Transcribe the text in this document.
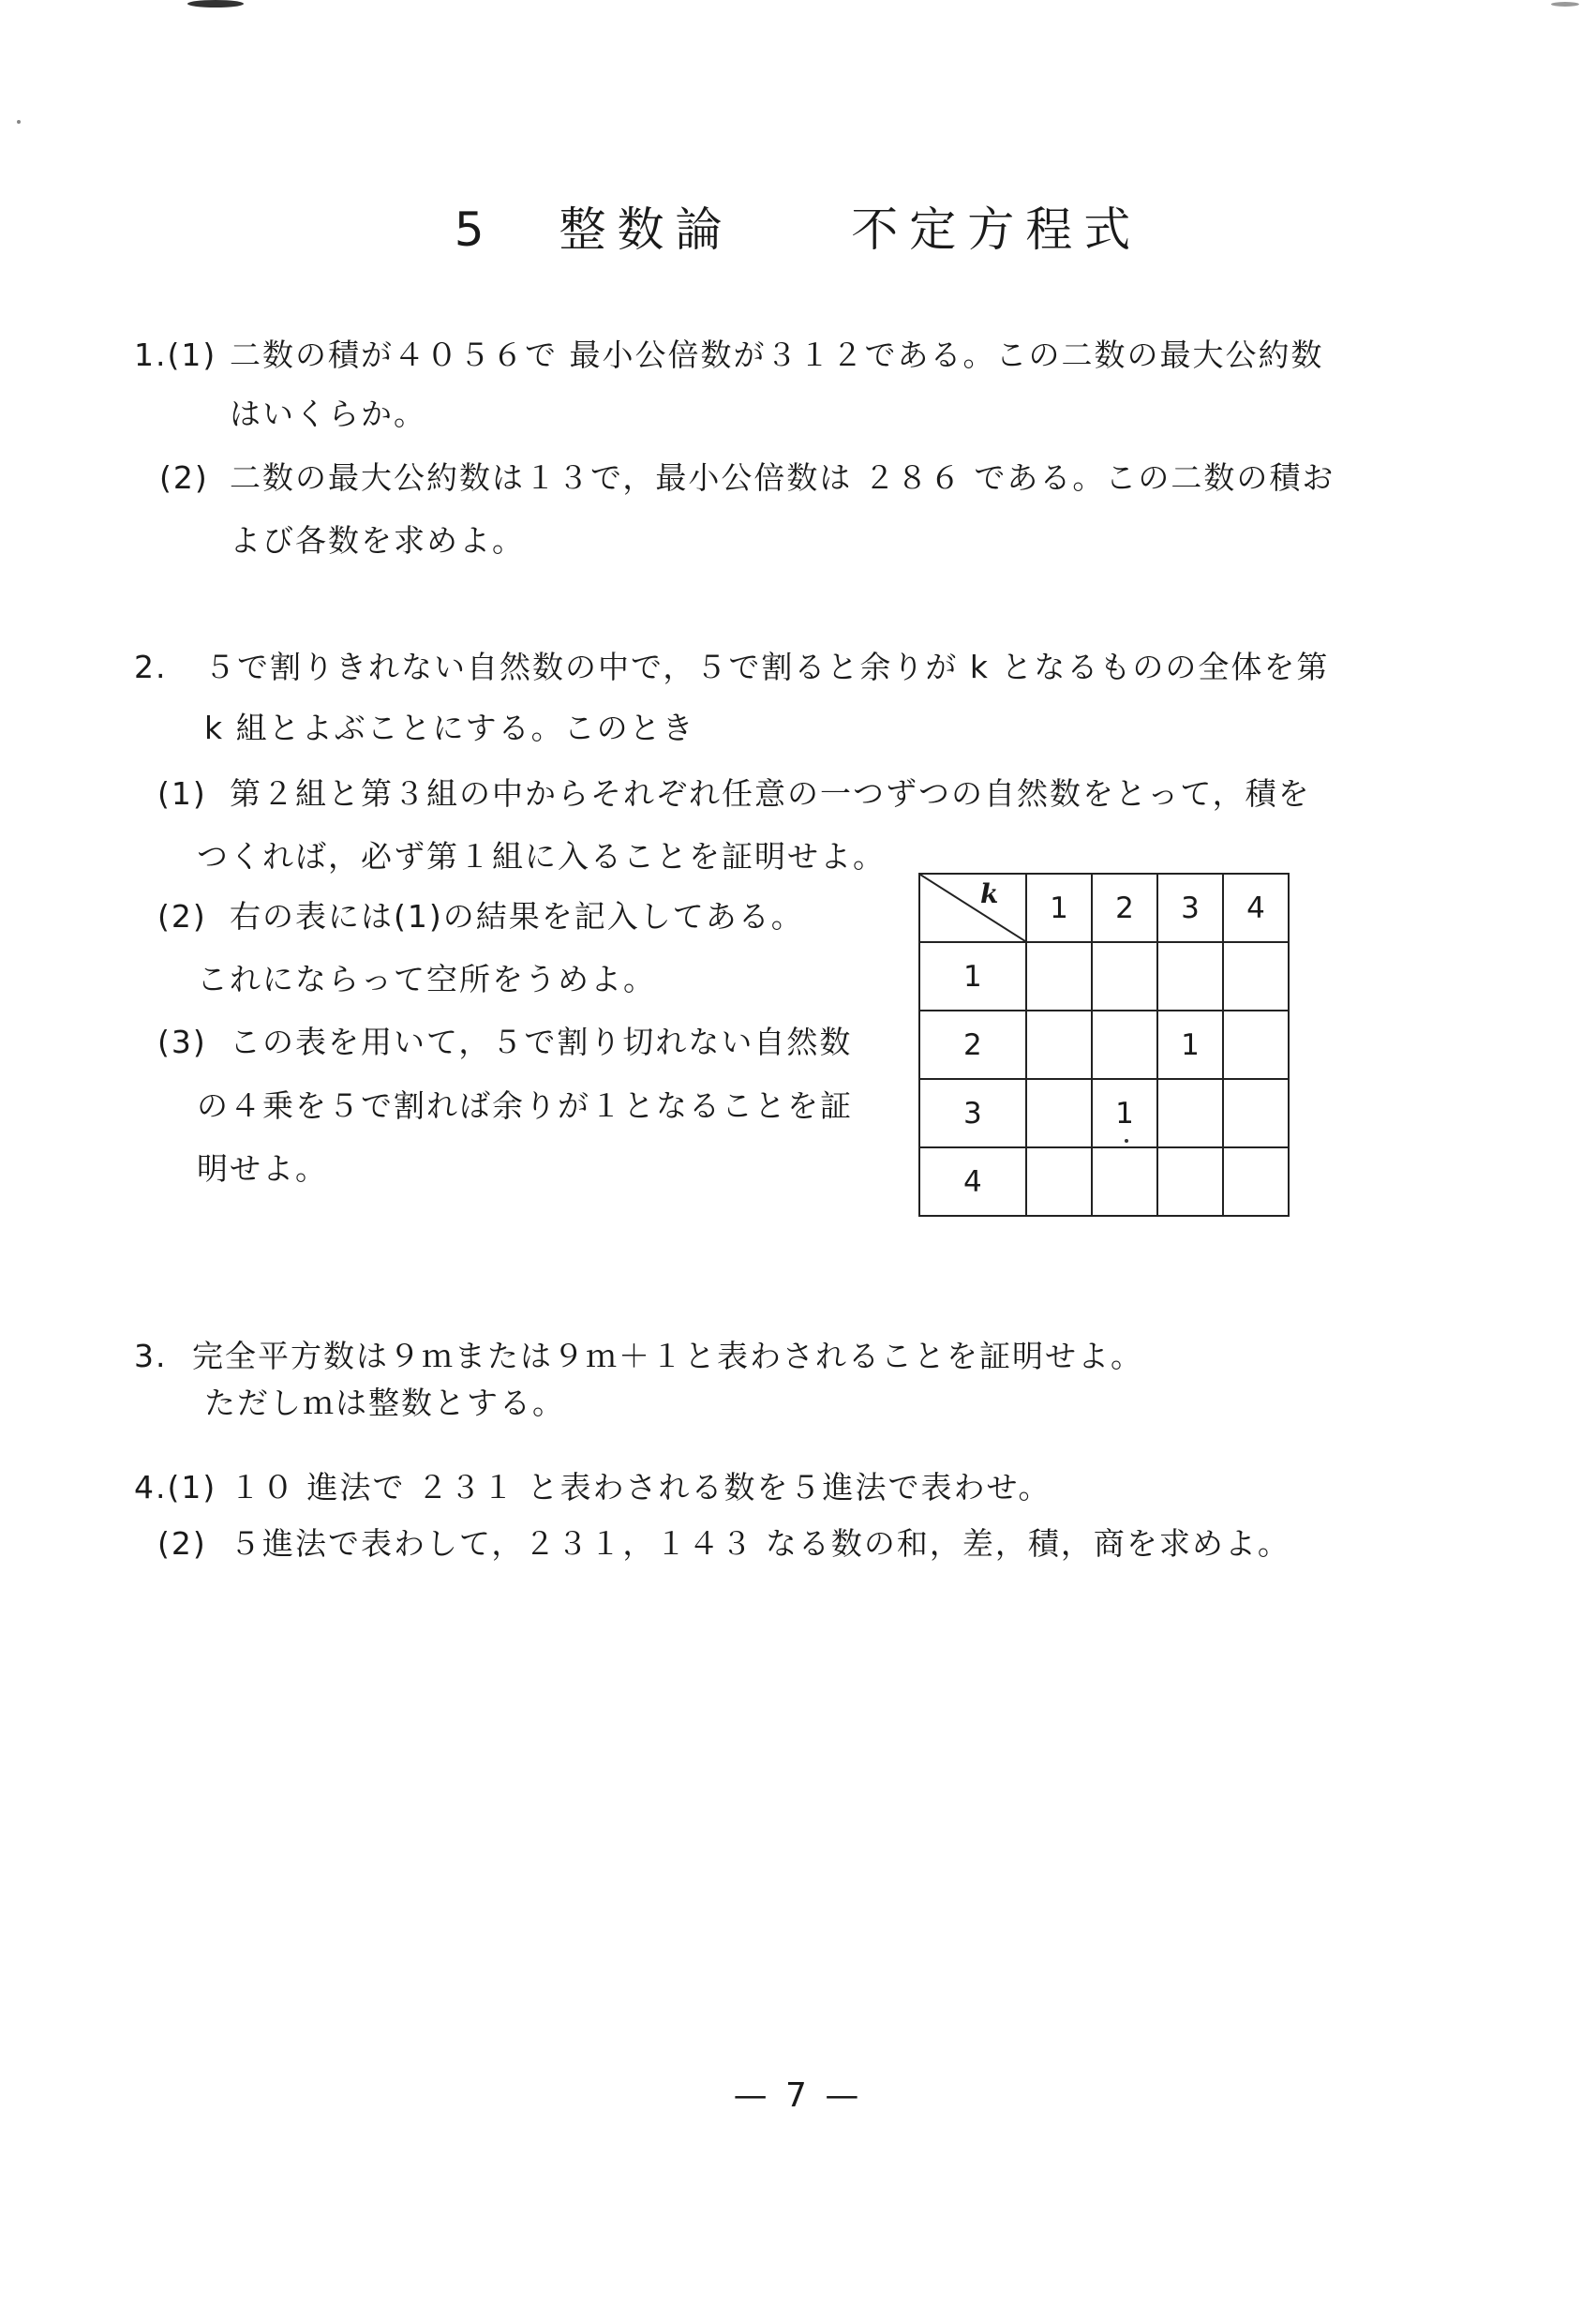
5 整数論	不定方程式
1.(1) 二数の積が４０５６で 最小公倍数が３１２である。この二数の最大公約数
はいくらか。
(2) 二数の最大公約数は１３で，最小公倍数は ２８６ である。この二数の積お
よび各数を求めよ。
2. ５で割りきれない自然数の中で，５で割ると余りが k となるものの全体を第
k 組とよぶことにする。このとき
(1) 第２組と第３組の中からそれぞれ任意の一つずつの自然数をとって，積を
つくれば，必ず第１組に入ることを証明せよ。
(2) 右の表には(1)の結果を記入してある。
これにならって空所をうめよ。
(3) この表を用いて，５で割り切れない自然数
の４乗を５で割れば余りが１となることを証
明せよ。
k	1	2	3	4
1				
2			1	
3		1		
4				
3. 完全平方数は９ｍまたは９ｍ＋１と表わされることを証明せよ。
ただしｍは整数とする。
4.(1) １０ 進法で ２３１ と表わされる数を５進法で表わせ。
(2) ５進法で表わして，２３１，１４３ なる数の和，差，積，商を求めよ。
— 7 —
